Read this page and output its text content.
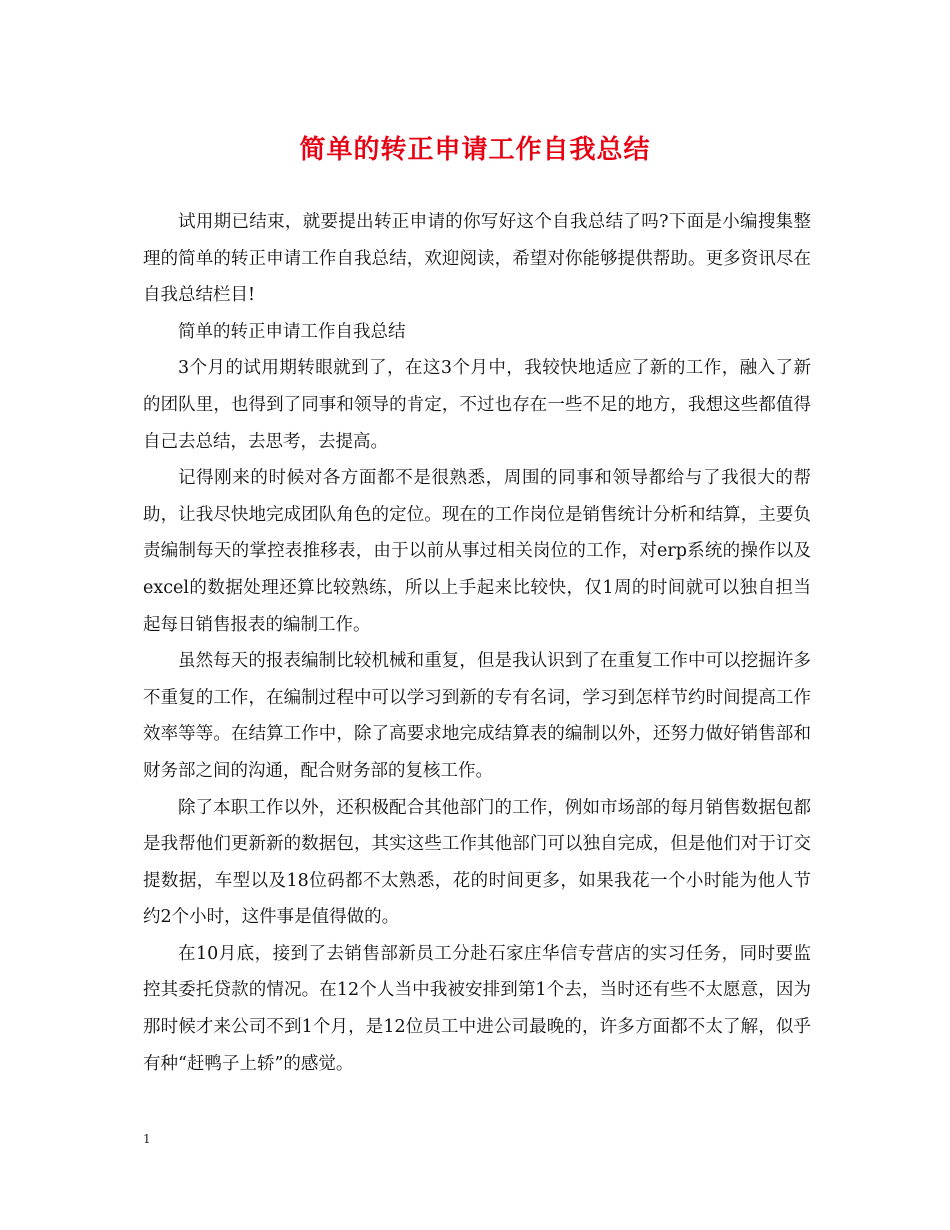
简单的转正申请工作自我总结

试用期已结束，就要提出转正申请的你写好这个自我总结了吗?下面是小编搜集整理的简单的转正申请工作自我总结，欢迎阅读，希望对你能够提供帮助。更多资讯尽在自我总结栏目!

简单的转正申请工作自我总结

3个月的试用期转眼就到了，在这3个月中，我较快地适应了新的工作，融入了新的团队里，也得到了同事和领导的肯定，不过也存在一些不足的地方，我想这些都值得自己去总结，去思考，去提高。

记得刚来的时候对各方面都不是很熟悉，周围的同事和领导都给与了我很大的帮助，让我尽快地完成团队角色的定位。现在的工作岗位是销售统计分析和结算，主要负责编制每天的掌控表推移表，由于以前从事过相关岗位的工作，对erp系统的操作以及excel的数据处理还算比较熟练，所以上手起来比较快，仅1周的时间就可以独自担当起每日销售报表的编制工作。

虽然每天的报表编制比较机械和重复，但是我认识到了在重复工作中可以挖掘许多不重复的工作，在编制过程中可以学习到新的专有名词，学习到怎样节约时间提高工作效率等等。在结算工作中，除了高要求地完成结算表的编制以外，还努力做好销售部和财务部之间的沟通，配合财务部的复核工作。

除了本职工作以外，还积极配合其他部门的工作，例如市场部的每月销售数据包都是我帮他们更新新的数据包，其实这些工作其他部门可以独自完成，但是他们对于订交提数据，车型以及18位码都不太熟悉，花的时间更多，如果我花一个小时能为他人节约2个小时，这件事是值得做的。

在10月底，接到了去销售部新员工分赴石家庄华信专营店的实习任务，同时要监控其委托贷款的情况。在12个人当中我被安排到第1个去，当时还有些不太愿意，因为那时候才来公司不到1个月，是12位员工中进公司最晚的，许多方面都不太了解，似乎有种“赶鸭子上轿”的感觉。

1
